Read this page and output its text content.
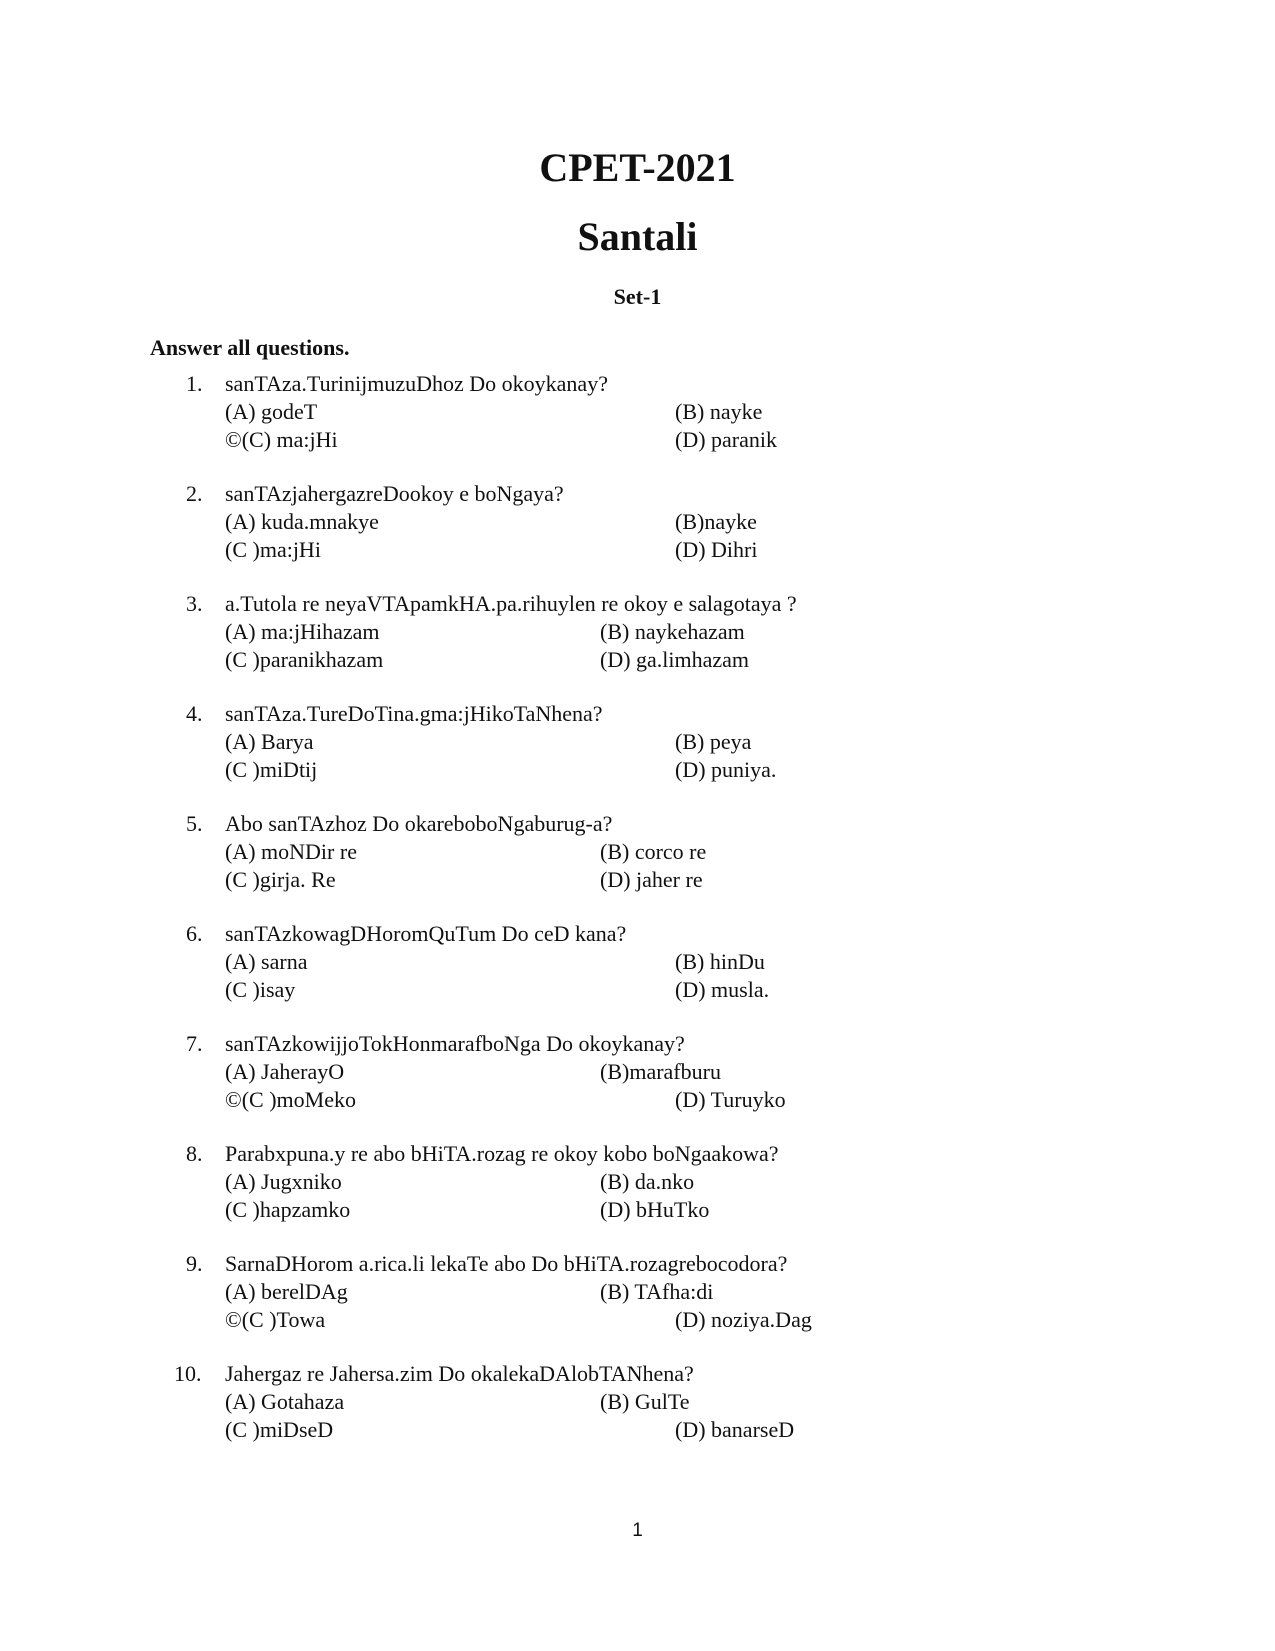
CPET-2021
Santali
Set-1
Answer all questions.
1. sanTAza.TurinijmuzuDhoz Do okoykanay?
(A) godeT	(B) nayke
©(C) ma:jHi	(D) paranik
2. sanTAzjahergazreDookoy e boNgaya?
(A) kuda.mnakye	(B)nayke
(C )ma:jHi	(D) Dihri
3. a.Tutola re neyaVTApamkHA.pa.rihuylen re okoy e salagotaya ?
(A) ma:jHihazam	(B) naykehazam
(C )paranikhazam	(D) ga.limhazam
4. sanTAza.TureDoTina.gma:jHikoTaNhena?
(A) Barya	(B) peya
(C )miDtij	(D) puniya.
5. Abo sanTAzhoz Do okareboboNgaburug-a?
(A) moNDir re	(B) corco re
(C )girja. Re	(D) jaher re
6. sanTAzkowagDHoromQuTum Do ceD kana?
(A) sarna	(B) hinDu
(C )isay	(D) musla.
7. sanTAzkowijjoTokHonmarafboNga Do okoykanay?
(A) JaherayO	(B)marafburu
©(C )moMeko	(D) Turuyko
8. Parabxpuna.y re abo bHiTA.rozag re okoy kobo boNgaakowa?
(A) Jugxniko	(B) da.nko
(C )hapzamko	(D) bHuTko
9. SarnaDHorom a.rica.li lekaTe abo Do bHiTA.rozagrebocodora?
(A) berelDAg	(B) TAfha:di
©(C )Towa	(D) noziya.Dag
10. Jahergaz re Jahersa.zim Do okalekaDAlobTANhena?
(A) Gotahaza	(B) GulTe
(C )miDseD	(D) banarseD
1
